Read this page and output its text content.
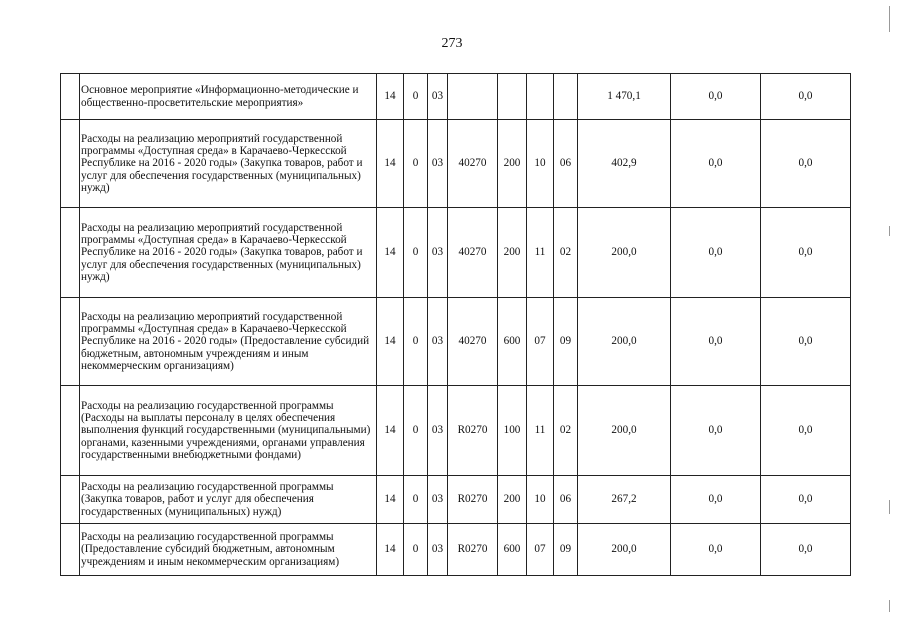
273
	Основное мероприятие «Информационно-методические и общественно-просветительские мероприятия»	14	0	03					1 470,1	0,0	0,0
	Расходы на реализацию мероприятий государственной программы «Доступная среда» в Карачаево-Черкесской Республике на 2016 - 2020 годы» (Закупка товаров, работ и услуг для обеспечения государственных (муниципальных) нужд)	14	0	03	40270	200	10	06	402,9	0,0	0,0
	Расходы на реализацию мероприятий государственной программы «Доступная среда» в Карачаево-Черкесской Республике на 2016 - 2020 годы» (Закупка товаров, работ и услуг для обеспечения государственных (муниципальных) нужд)	14	0	03	40270	200	11	02	200,0	0,0	0,0
	Расходы на реализацию мероприятий государственной программы «Доступная среда» в Карачаево-Черкесской Республике на 2016 - 2020 годы» (Предоставление субсидий бюджетным, автономным учреждениям и иным некоммерческим организациям)	14	0	03	40270	600	07	09	200,0	0,0	0,0
	Расходы на реализацию государственной программы (Расходы на выплаты персоналу в целях обеспечения выполнения функций государственными (муниципальными) органами, казенными учреждениями, органами управления государственными внебюджетными фондами)	14	0	03	R0270	100	11	02	200,0	0,0	0,0
	Расходы на реализацию государственной программы (Закупка товаров, работ и услуг для обеспечения государственных (муниципальных) нужд)	14	0	03	R0270	200	10	06	267,2	0,0	0,0
	Расходы на реализацию государственной программы (Предоставление субсидий бюджетным, автономным учреждениям и иным некоммерческим организациям)	14	0	03	R0270	600	07	09	200,0	0,0	0,0
